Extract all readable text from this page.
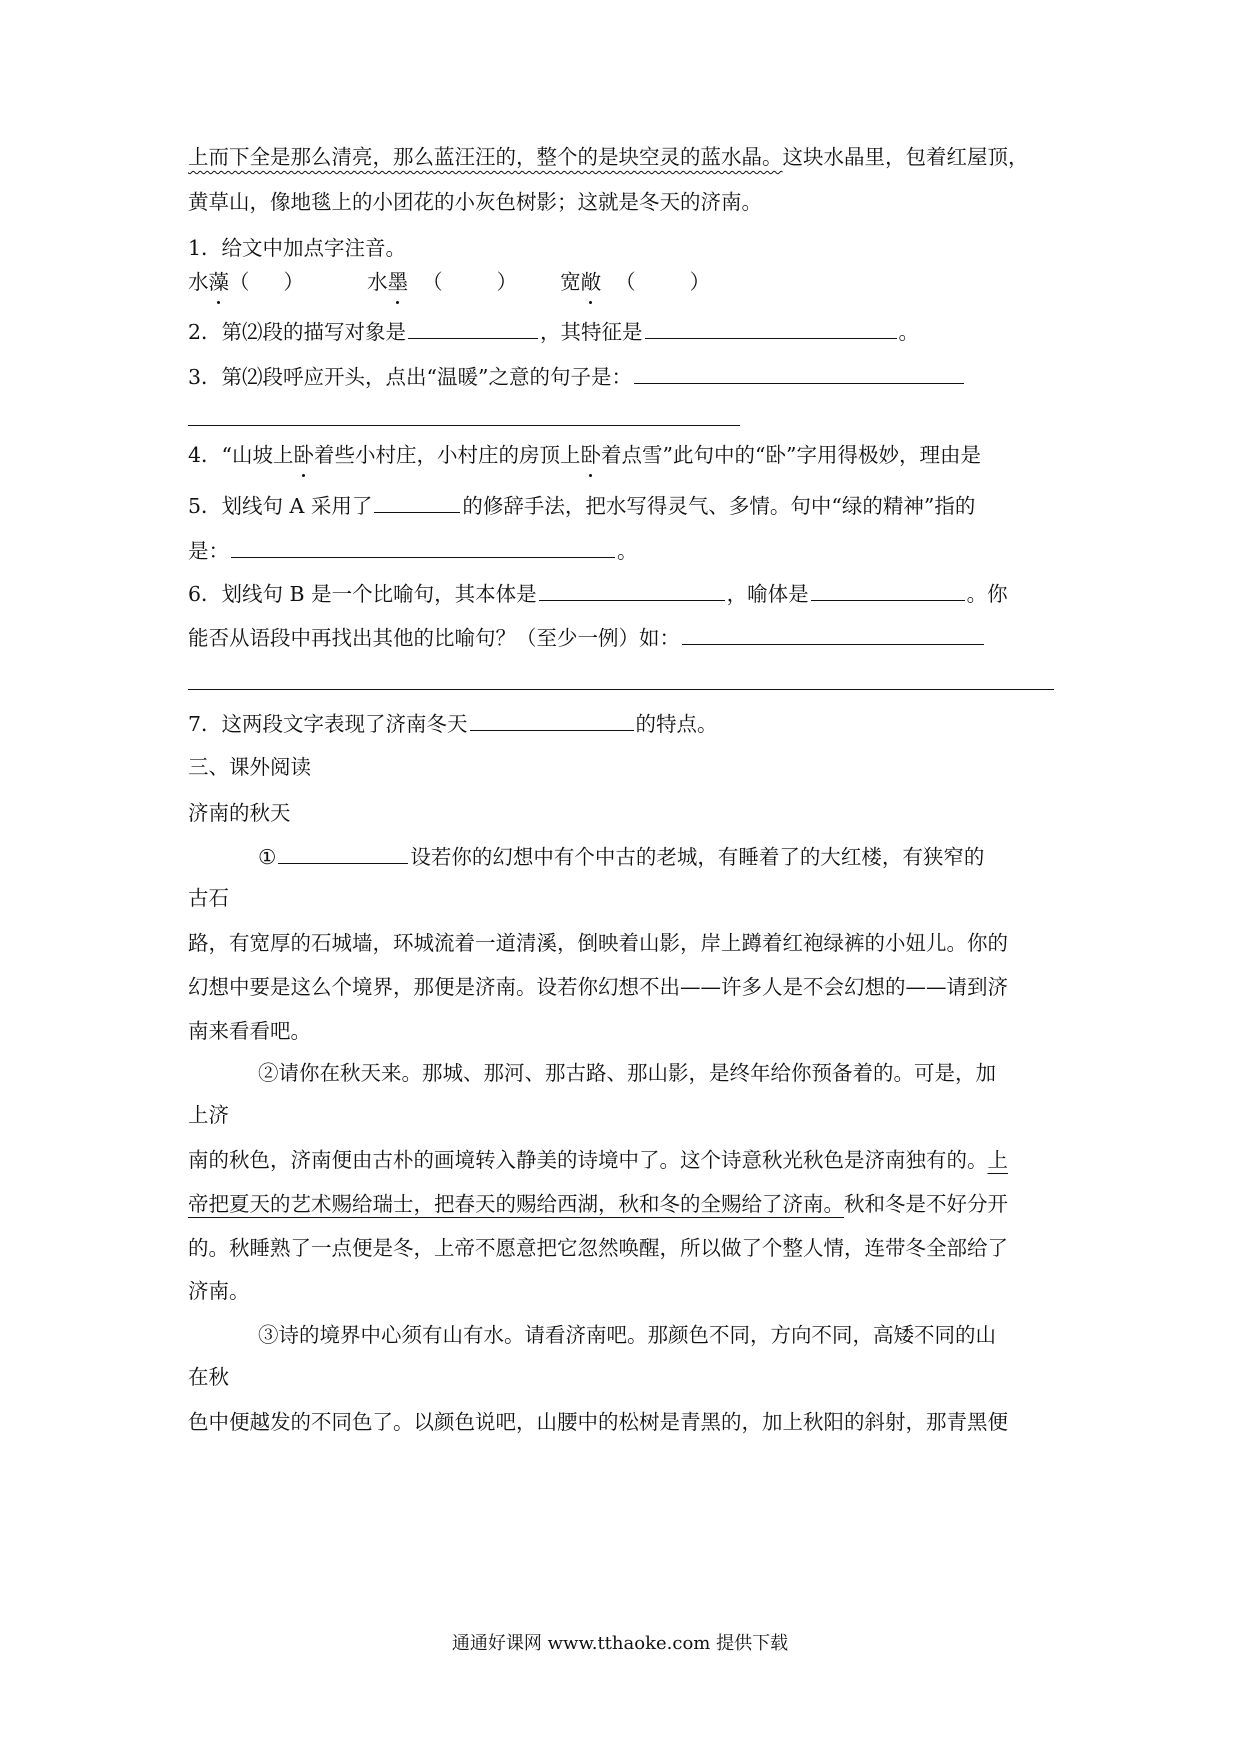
上而下全是那么清亮，那么蓝汪汪的，整个的是块空灵的蓝水晶。这块水晶里，包着红屋顶，
黄草山，像地毯上的小团花的小灰色树影；这就是冬天的济南。
1．给文中加点字注音。
水藻（ ）	水墨 （	） 宽敞 （	）
2．第⑵段的描写对象是	，其特征是	。
3．第⑵段呼应开头，点出“温暖”之意的句子是：
4．“山坡上卧着些小村庄，小村庄的房顶上卧着点雪”此句中的“卧”字用得极妙，理由是
5．划线句 A 采用了	的修辞手法，把水写得灵气、多情。句中“绿的精神”指的
是：	。
6．划线句 B 是一个比喻句，其本体是	，喻体是	。你
能否从语段中再找出其他的比喻句？（至少一例）如：
7．这两段文字表现了济南冬天	的特点。
三、课外阅读
济南的秋天
①	设若你的幻想中有个中古的老城，有睡着了的大红楼，有狭窄的
古石
路，有宽厚的石城墙，环城流着一道清溪，倒映着山影，岸上蹲着红袍绿裤的小妞儿。你的
幻想中要是这么个境界，那便是济南。设若你幻想不出——许多人是不会幻想的——请到济
南来看看吧。
②请你在秋天来。那城、那河、那古路、那山影，是终年给你预备着的。可是，加
上济
南的秋色，济南便由古朴的画境转入静美的诗境中了。这个诗意秋光秋色是济南独有的。上
帝把夏天的艺术赐给瑞士，把春天的赐给西湖，秋和冬的全赐给了济南。秋和冬是不好分开
的。秋睡熟了一点便是冬，上帝不愿意把它忽然唤醒，所以做了个整人情，连带冬全部给了
济南。
③诗的境界中心须有山有水。请看济南吧。那颜色不同，方向不同，高矮不同的山
在秋
色中便越发的不同色了。以颜色说吧，山腰中的松树是青黑的，加上秋阳的斜射，那青黑便
通通好课网 www.tthaoke.com 提供下载
